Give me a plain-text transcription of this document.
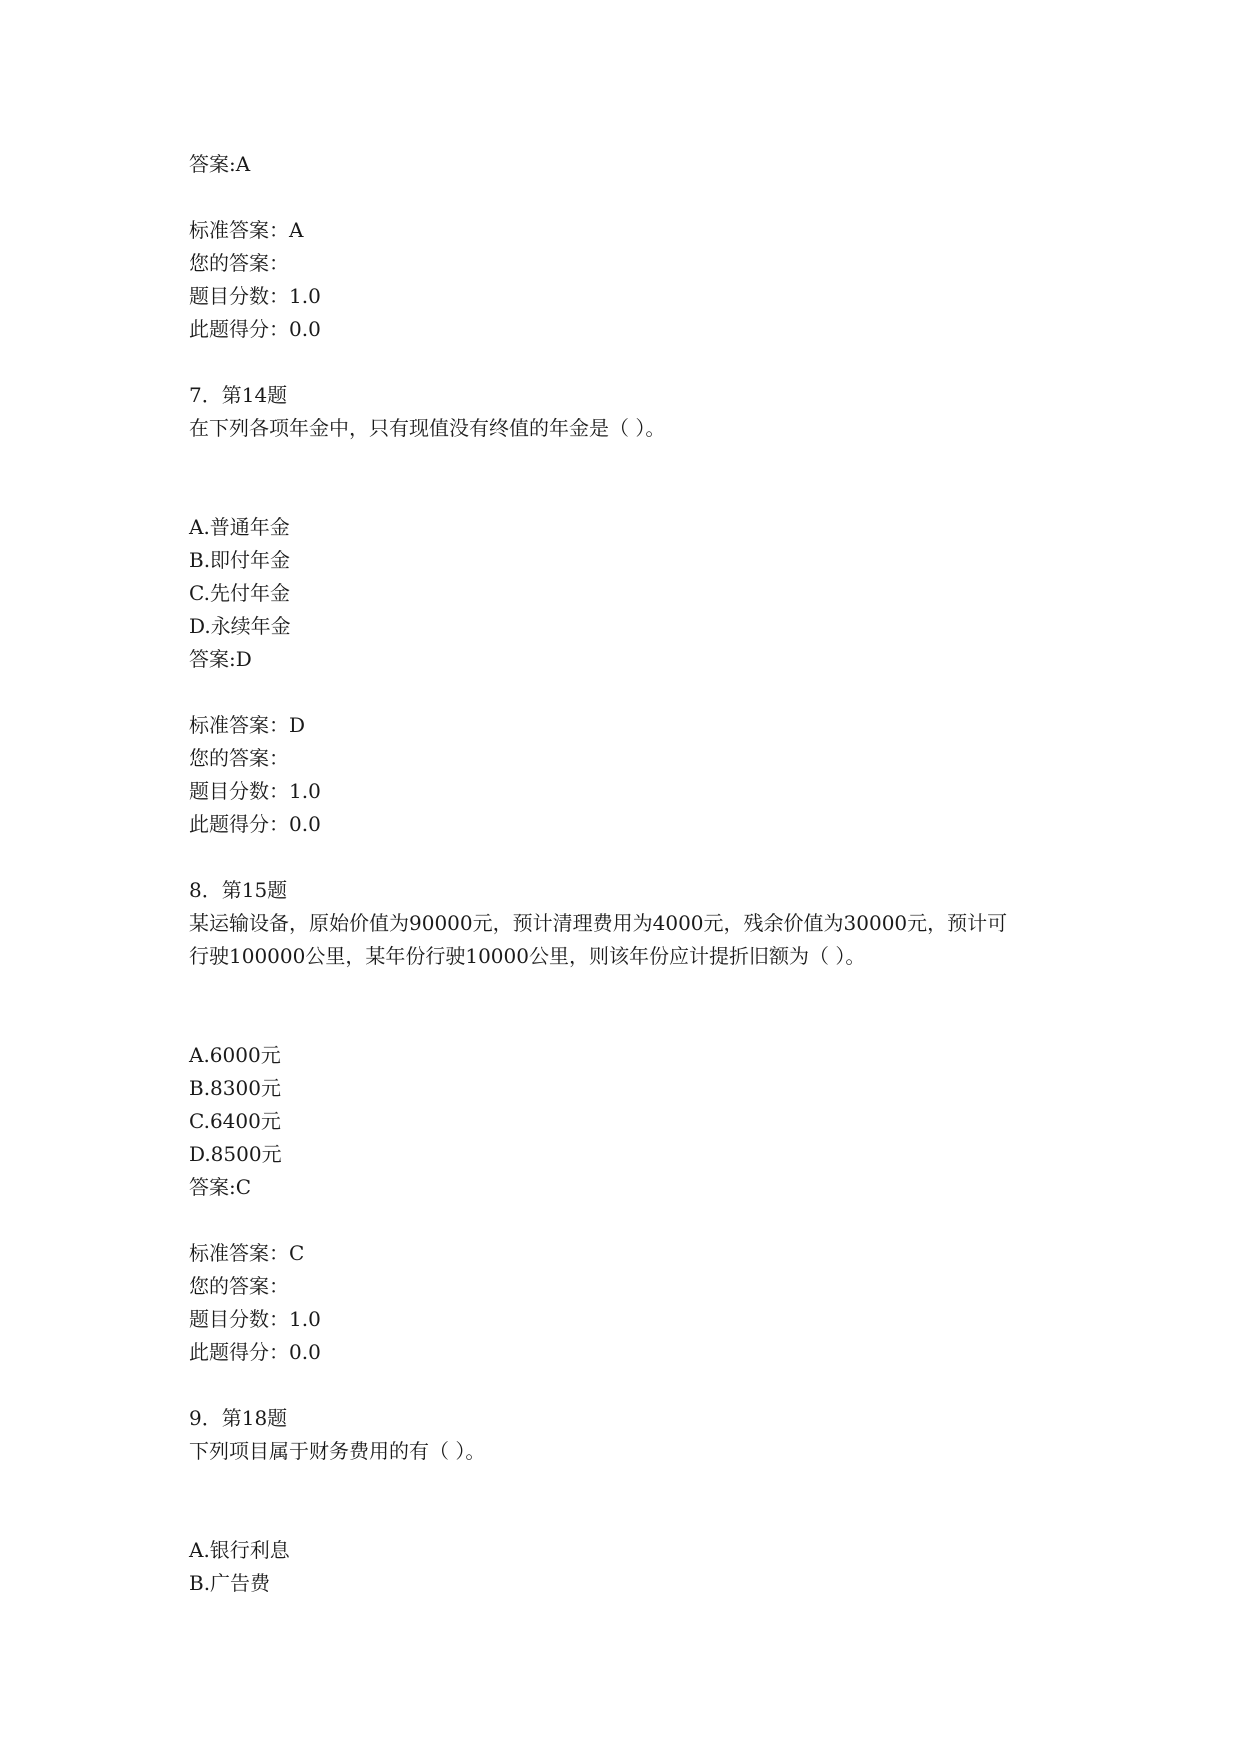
答案:A
标准答案：A
您的答案：
题目分数：1.0
此题得分：0.0
7．第14题
在下列各项年金中，只有现值没有终值的年金是（ ）。
A.普通年金
B.即付年金
C.先付年金
D.永续年金
答案:D
标准答案：D
您的答案：
题目分数：1.0
此题得分：0.0
8．第15题
某运输设备，原始价值为90000元，预计清理费用为4000元，残余价值为30000元，预计可
行驶100000公里，某年份行驶10000公里，则该年份应计提折旧额为（ ）。
A.6000元
B.8300元
C.6400元
D.8500元
答案:C
标准答案：C
您的答案：
题目分数：1.0
此题得分：0.0
9．第18题
下列项目属于财务费用的有（ ）。
A.银行利息
B.广告费
